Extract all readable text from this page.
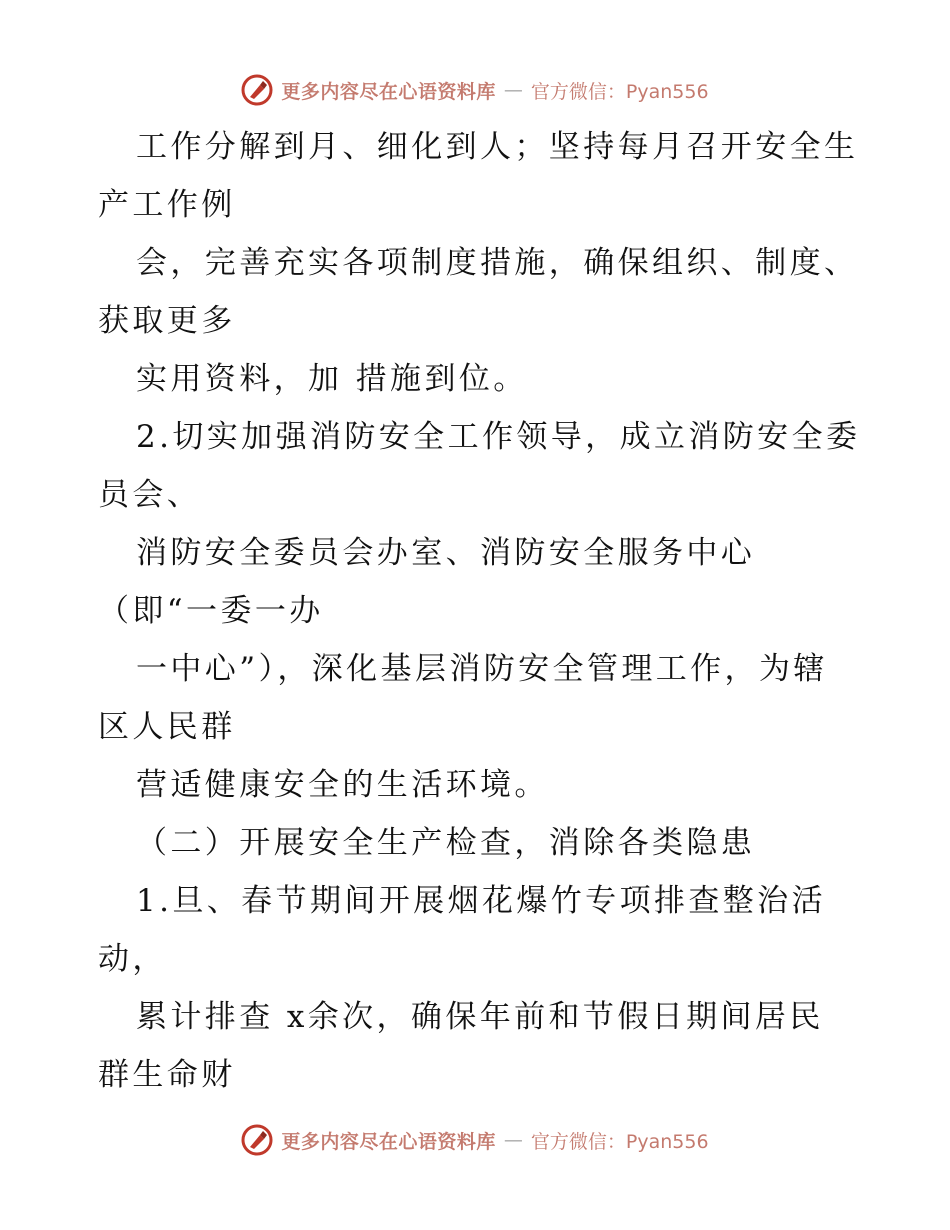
更多内容尽在心语资料库 — 官方微信：Pyan556
工作分解到月、细化到人；坚持每月召开安全生
产工作例
会，完善充实各项制度措施，确保组织、制度、
获取更多
实用资料，加 措施到位。
2.切实加强消防安全工作领导，成立消防安全委
员会、
消防安全委员会办室、消防安全服务中心
（即“一委一办
一中心”），深化基层消防安全管理工作，为辖
区人民群
营适健康安全的生活环境。
（二）开展安全生产检查，消除各类隐患
1.旦、春节期间开展烟花爆竹专项排查整治活
动，
累计排查 x余次，确保年前和节假日期间居民
群生命财
更多内容尽在心语资料库 — 官方微信：Pyan556
